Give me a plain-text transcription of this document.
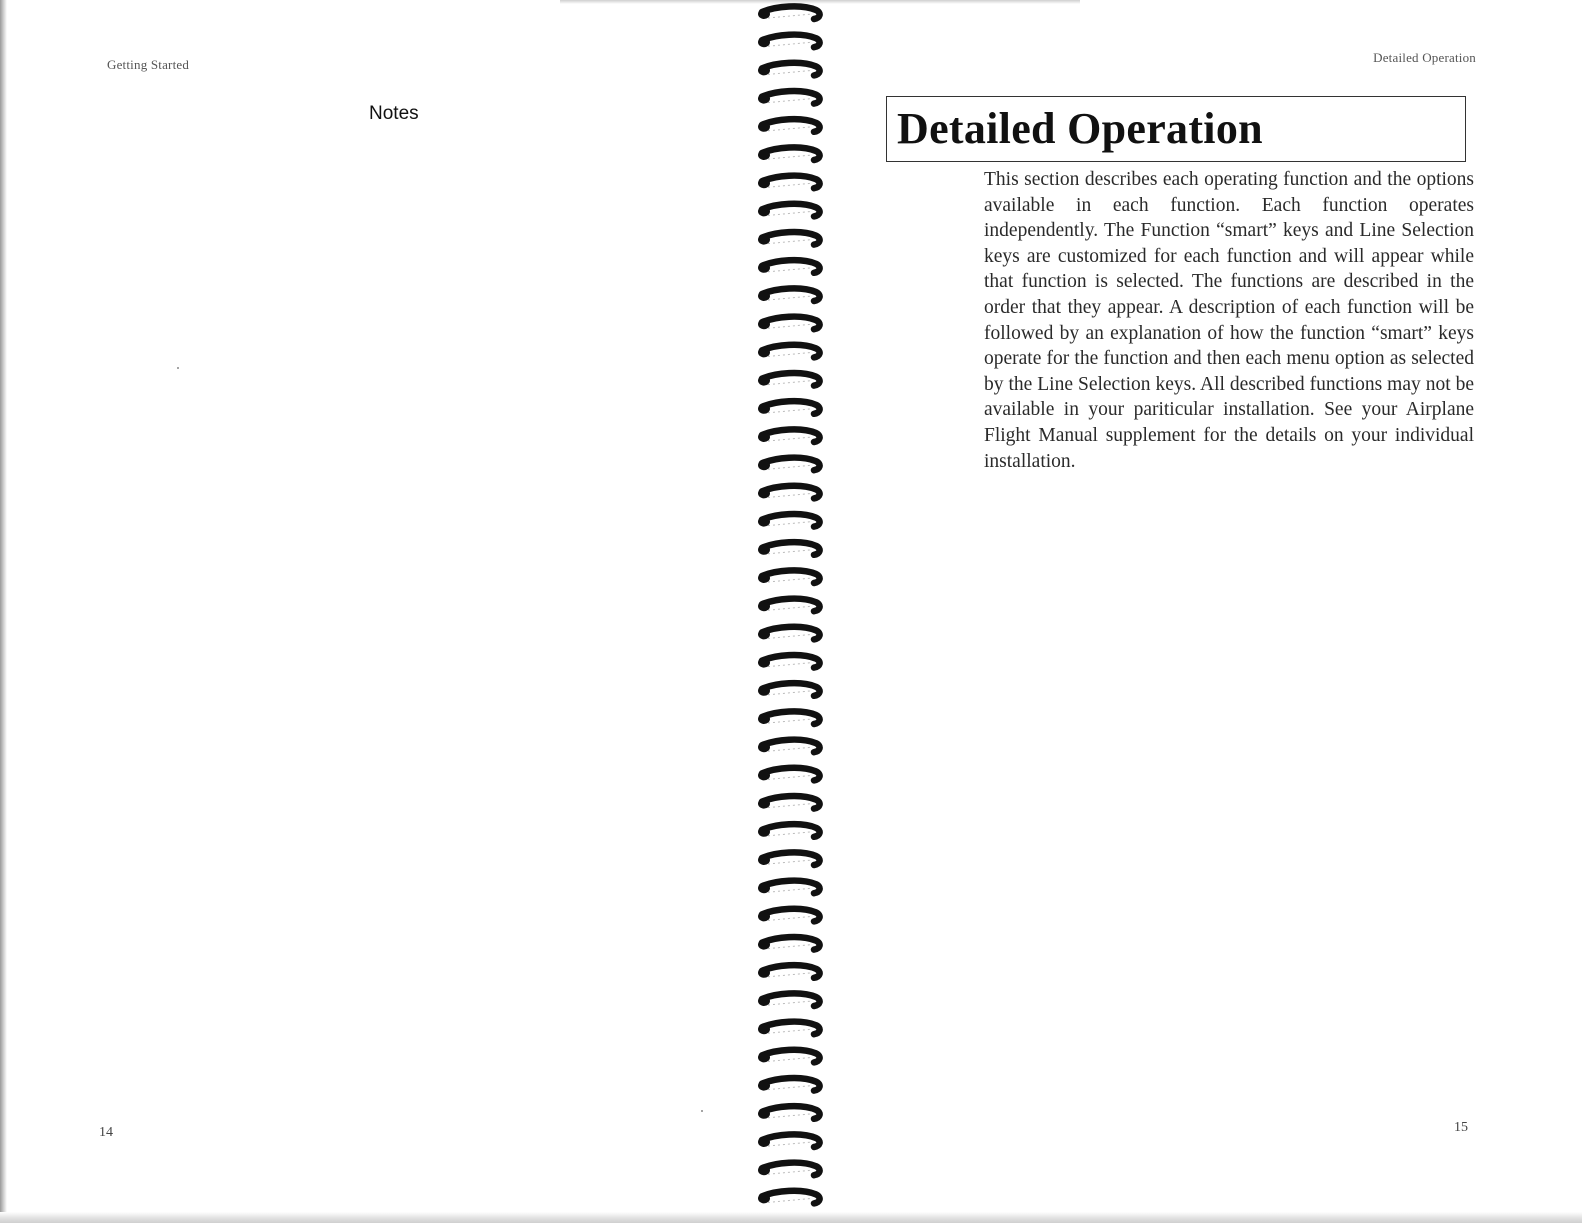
Getting Started
Notes
14
Detailed Operation
Detailed Operation
This section describes each operating function and the options available in each function. Each function operates independently. The Function “smart” keys and Line Selection keys are customized for each function and will appear while that function is selected. The functions are described in the order that they appear. A description of each function will be followed by an explanation of how the function “smart” keys operate for the function and then each menu option as selected by the Line Selection keys. All described functions may not be available in your pariticular installation. See your Airplane Flight Manual supplement for the details on your individual installation.
15
